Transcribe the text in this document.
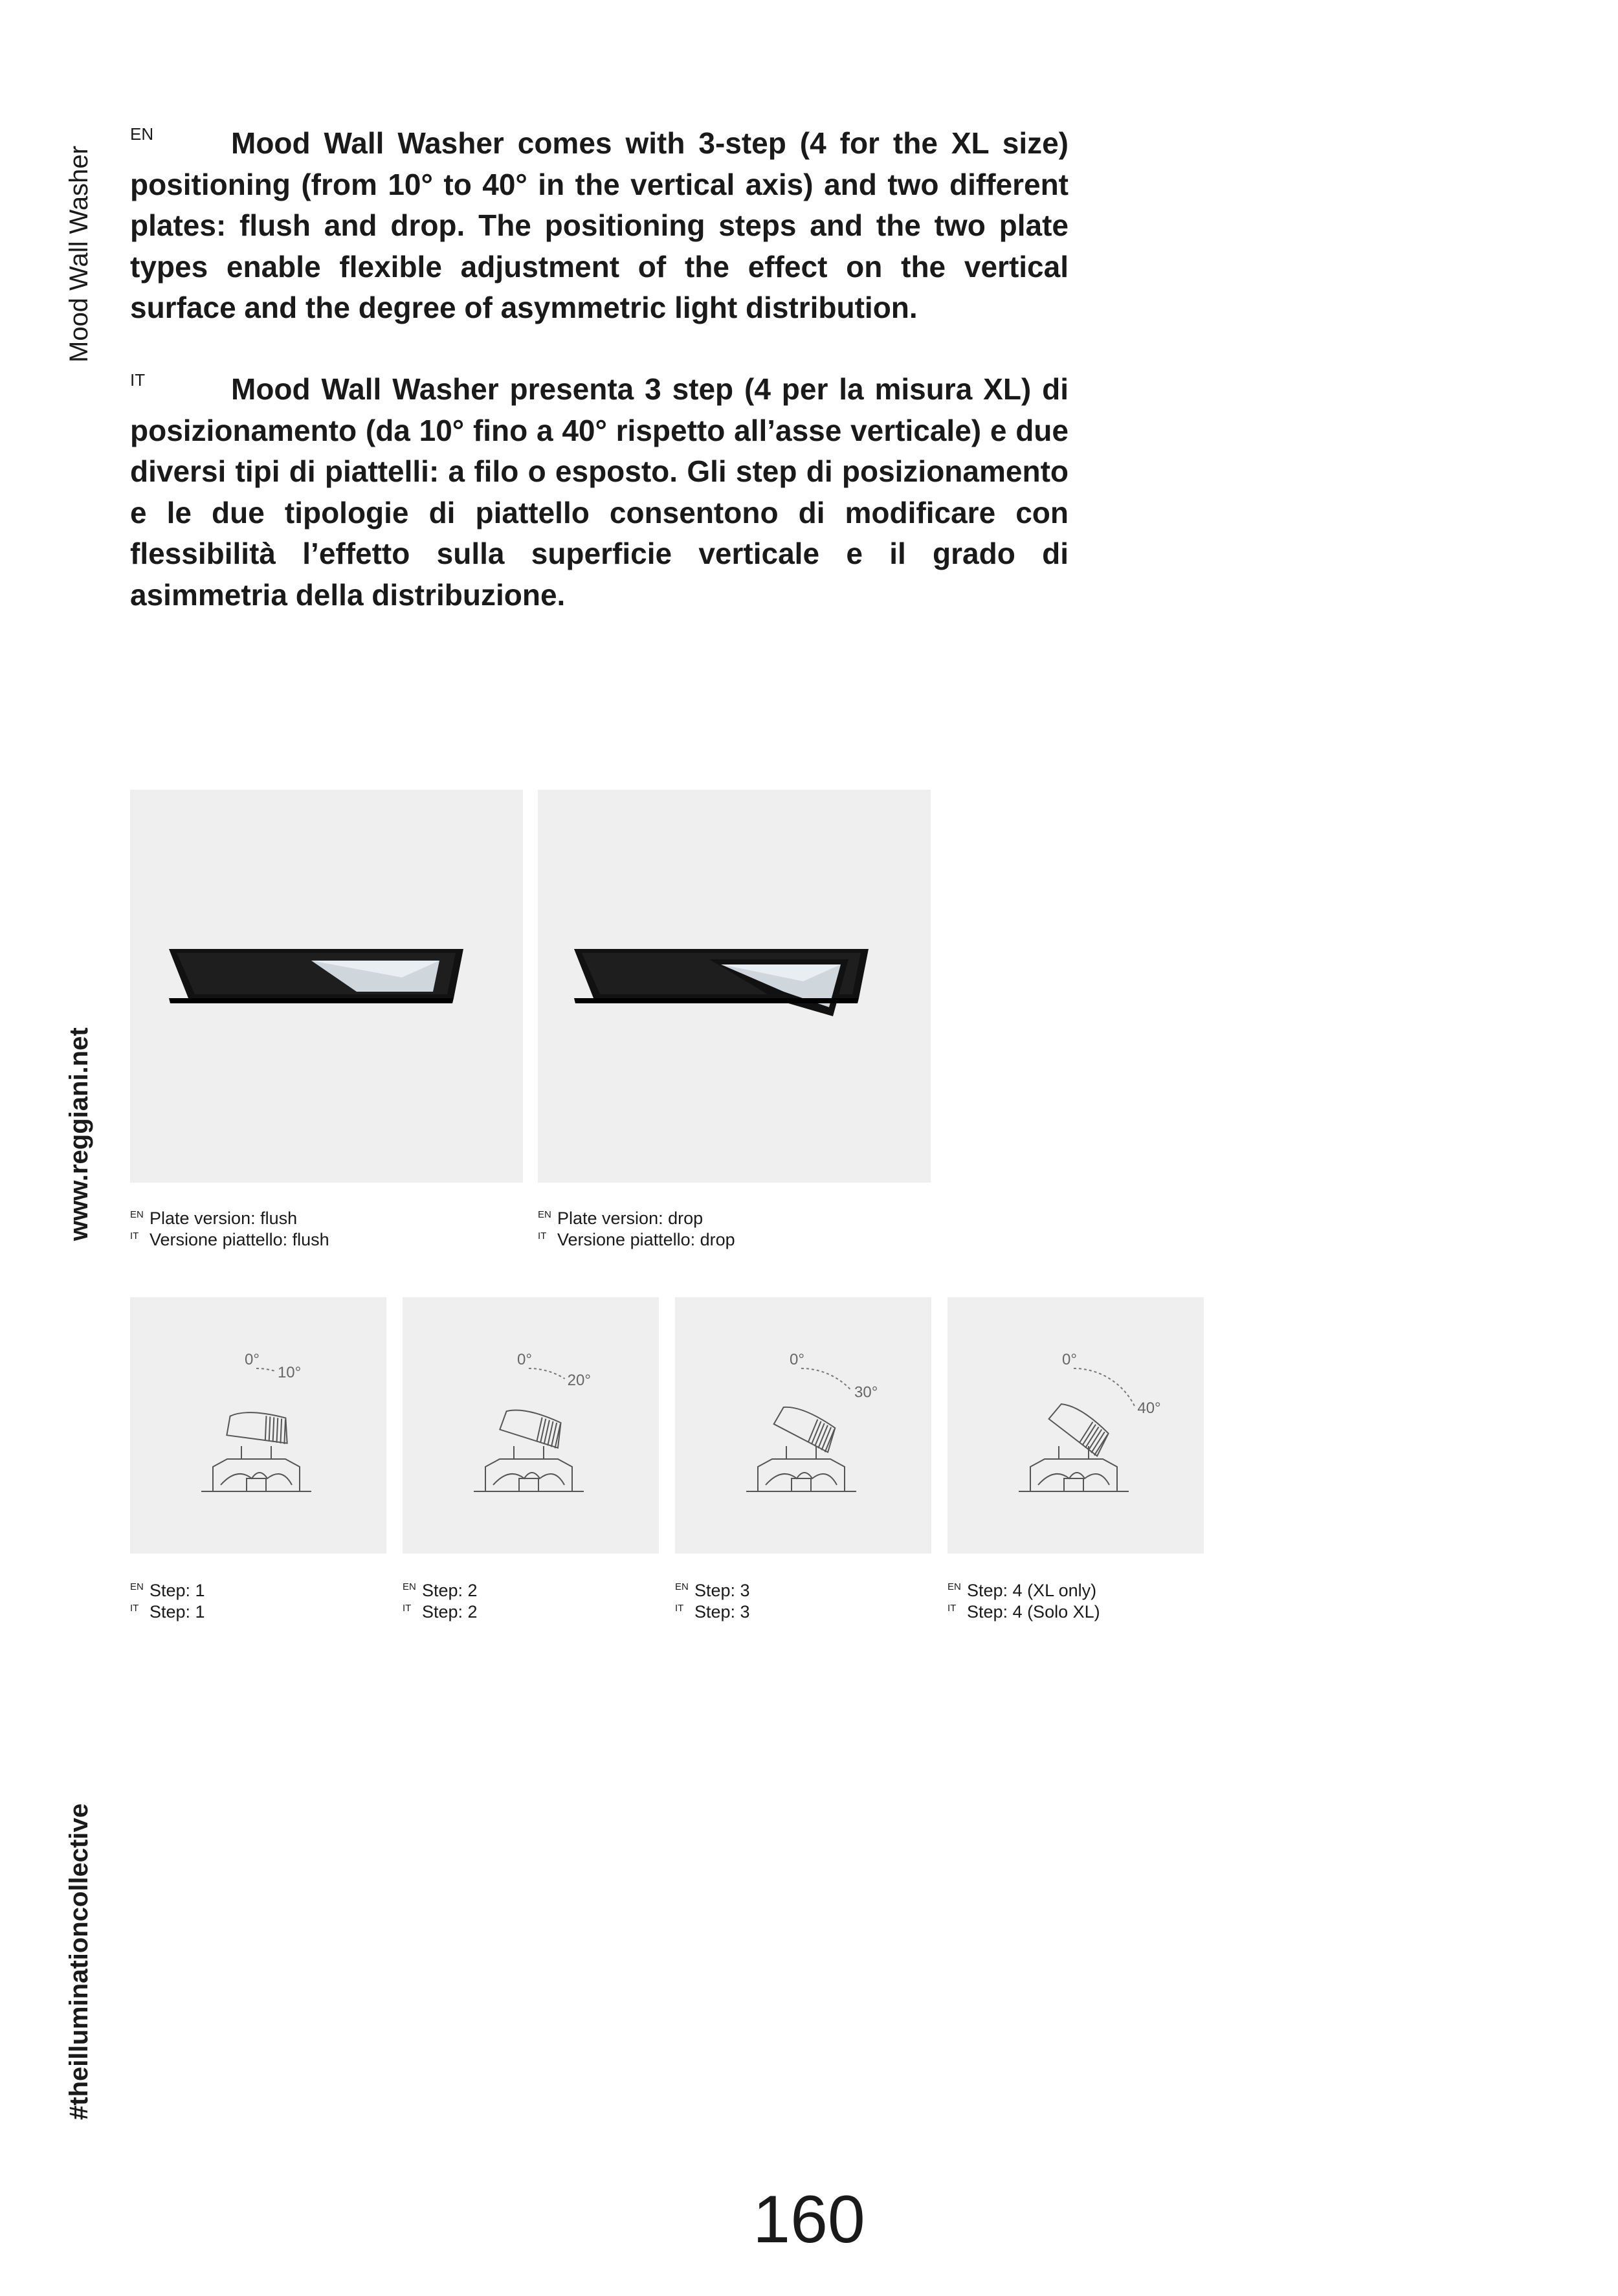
Mood Wall Washer
www.reggiani.net
#theilluminationcollective
EN	Mood Wall Washer comes with 3-step (4 for the XL size) positioning (from 10° to 40° in the vertical axis) and two different plates: flush and drop. The positioning steps and the two plate types enable flexible adjustment of the effect on the vertical surface and the degree of asymmetric light distribution.
IT	Mood Wall Washer presenta 3 step (4 per la misura XL) di posizionamento (da 10° fino a 40° rispetto all’asse verticale) e due diversi tipi di piattelli: a filo o esposto. Gli step di posizionamento e le due tipologie di piattello consentono di modificare con flessibilità l’effetto sulla superficie verticale e il grado di asimmetria della distribuzione.
EN Plate version: flush
IT Versione piattello: flush
EN Plate version: drop
IT Versione piattello: drop
0°
10°
0°
20°
0°
30°
0°
40°
EN Step: 1
IT Step: 1
EN Step: 2
IT Step: 2
EN Step: 3
IT Step: 3
EN Step: 4 (XL only)
IT Step: 4 (Solo XL)
160
